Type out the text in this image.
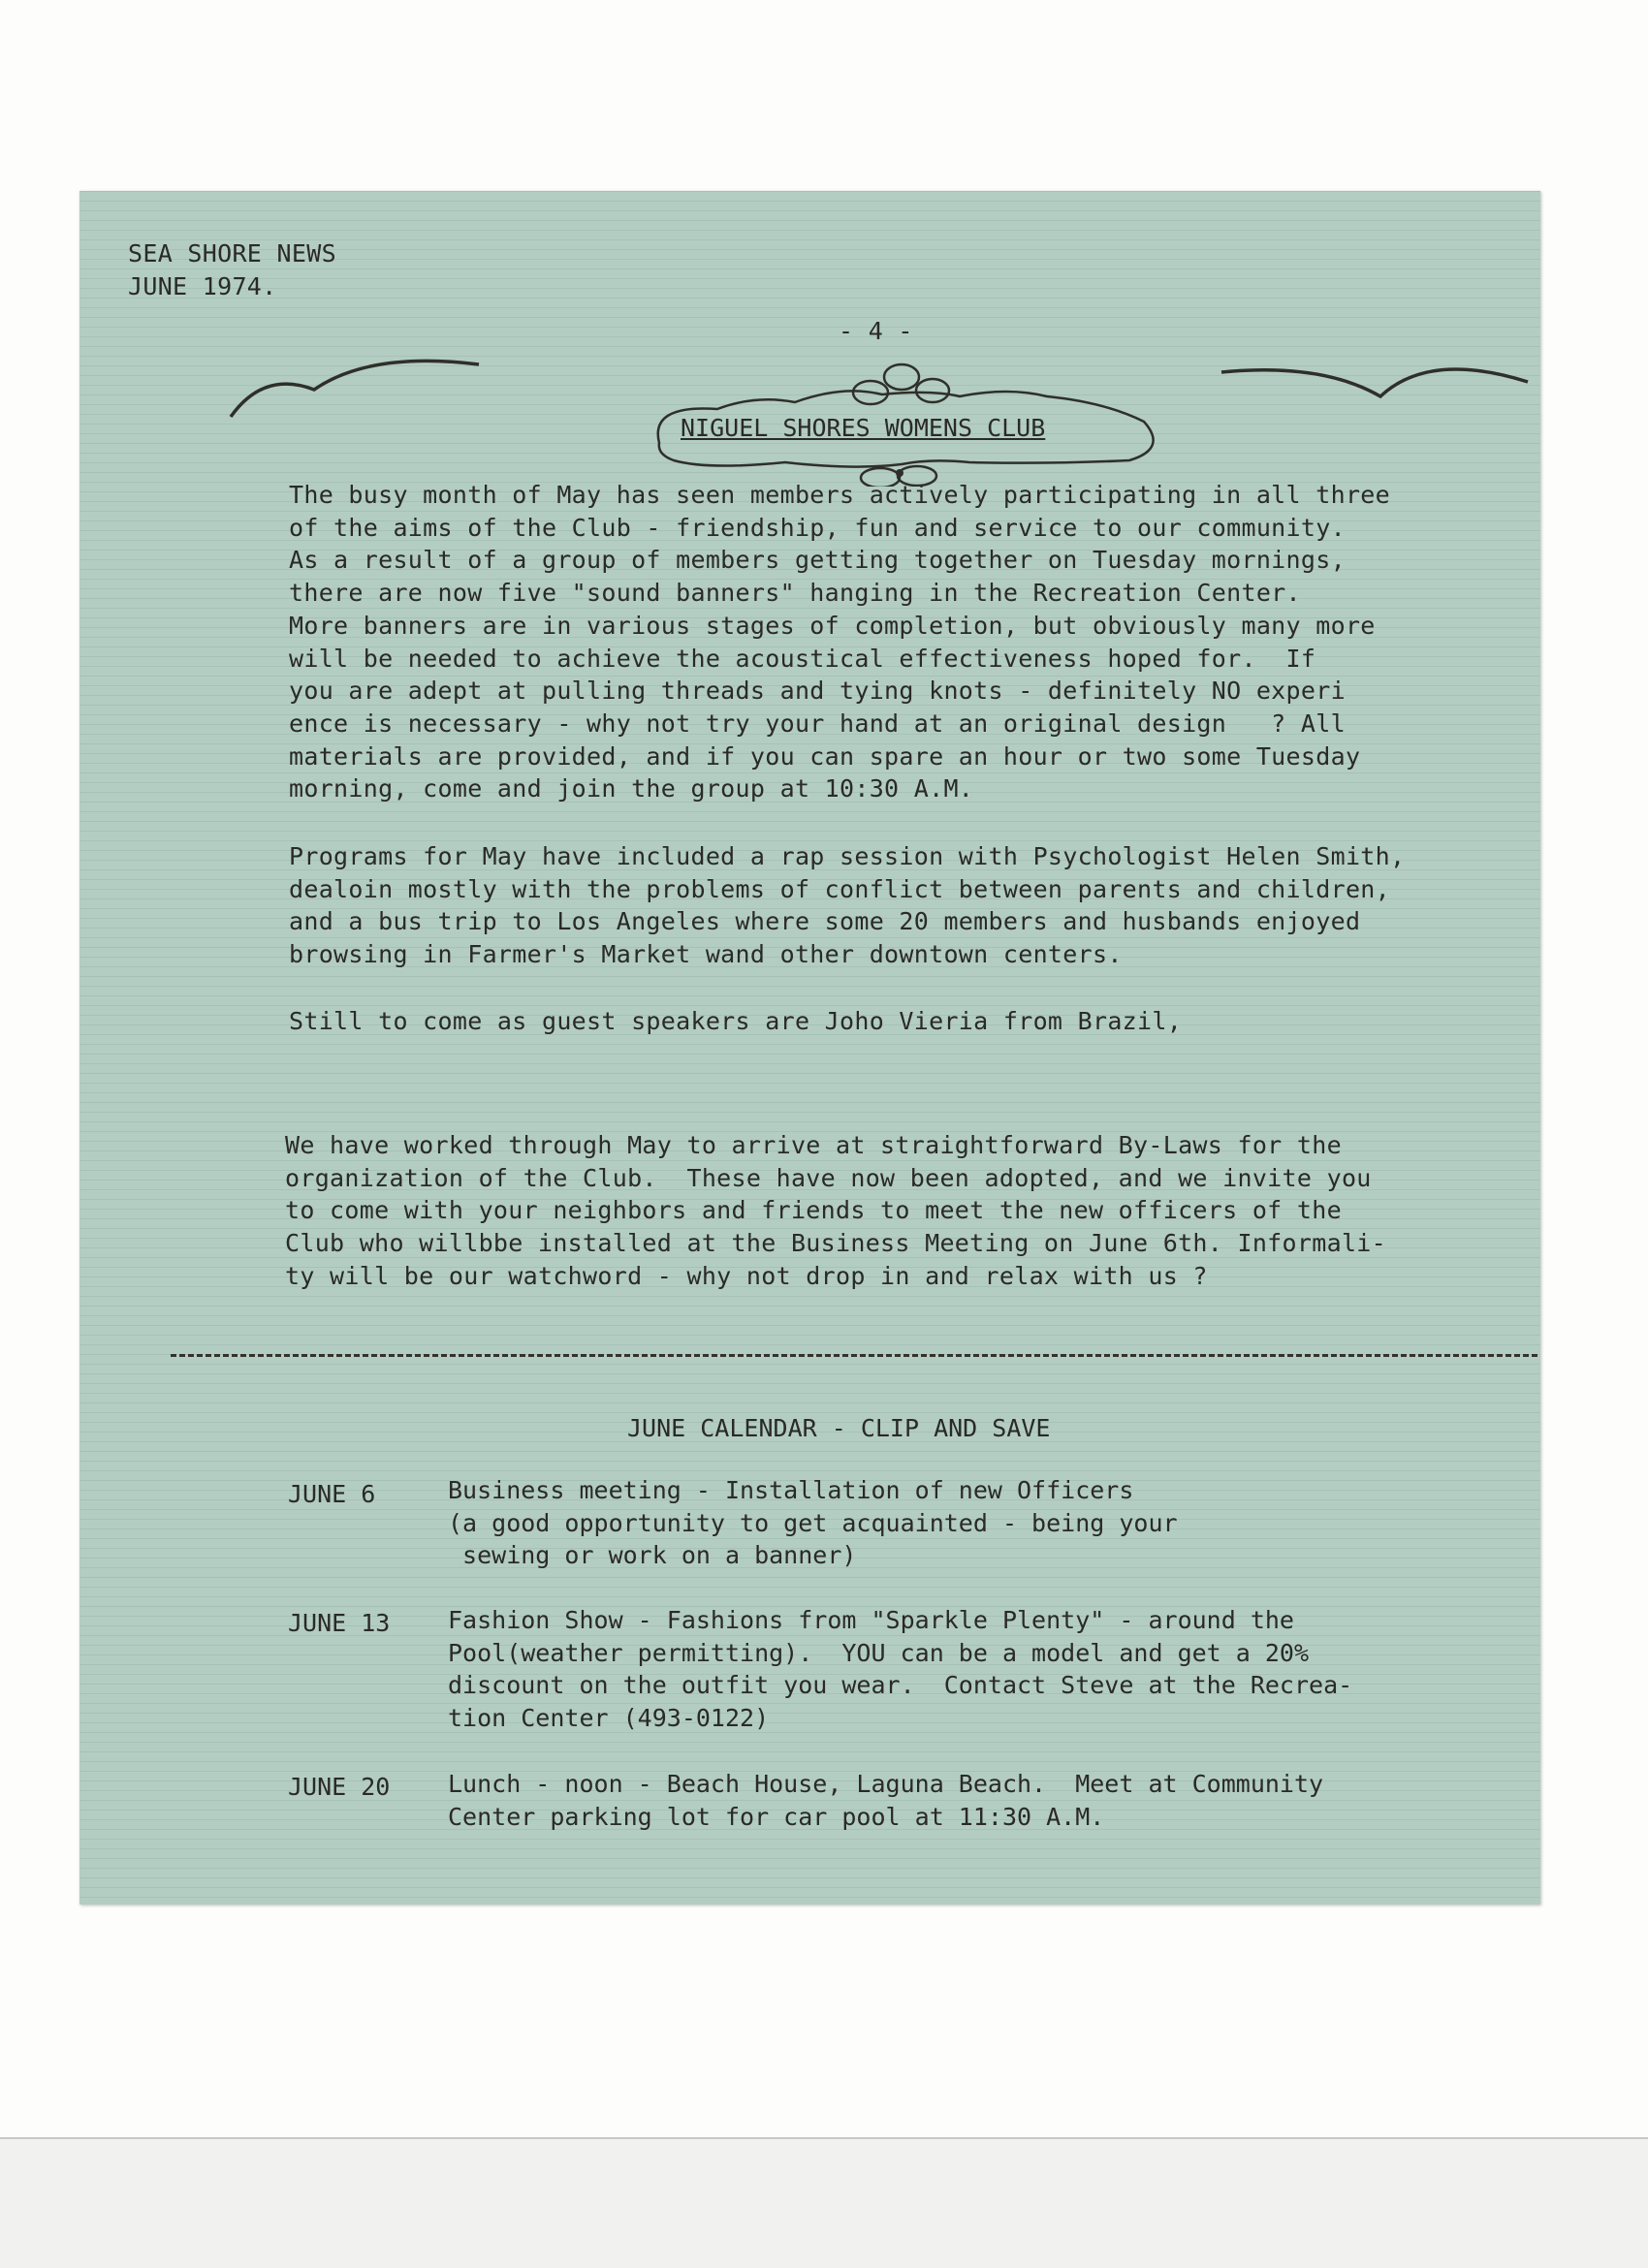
SEA SHORE NEWS
JUNE 1974.
- 4 -
NIGUEL SHORES WOMENS CLUB
The busy month of May has seen members actively participating in all three
of the aims of the Club - friendship, fun and service to our community.
As a result of a group of members getting together on Tuesday mornings,
there are now five "sound banners" hanging in the Recreation Center.
More banners are in various stages of completion, but obviously many more
will be needed to achieve the acoustical effectiveness hoped for.  If
you are adept at pulling threads and tying knots - definitely NO experi
ence is necessary - why not try your hand at an original design   ? All
materials are provided, and if you can spare an hour or two some Tuesday
morning, come and join the group at 10:30 A.M.
Programs for May have included a rap session with Psychologist Helen Smith,
dealoin mostly with the problems of conflict between parents and children,
and a bus trip to Los Angeles where some 20 members and husbands enjoyed
browsing in Farmer's Market wand other downtown centers.
Still to come as guest speakers are Joho Vieria from Brazil,
We have worked through May to arrive at straightforward By-Laws for the
organization of the Club.  These have now been adopted, and we invite you
to come with your neighbors and friends to meet the new officers of the
Club who willbbe installed at the Business Meeting on June 6th. Informali-
ty will be our watchword - why not drop in and relax with us ?
JUNE CALENDAR - CLIP AND SAVE
JUNE 6	Business meeting - Installation of new Officers
(a good opportunity to get acquainted - being your
sewing or work on a banner)
JUNE 13 Fashion Show - Fashions from "Sparkle Plenty" - around the
Pool(weather permitting).  YOU can be a model and get a 20%
discount on the outfit you wear.  Contact Steve at the Recrea-
tion Center (493-0122)
JUNE 20 Lunch - noon - Beach House, Laguna Beach.  Meet at Community
Center parking lot for car pool at 11:30 A.M.
